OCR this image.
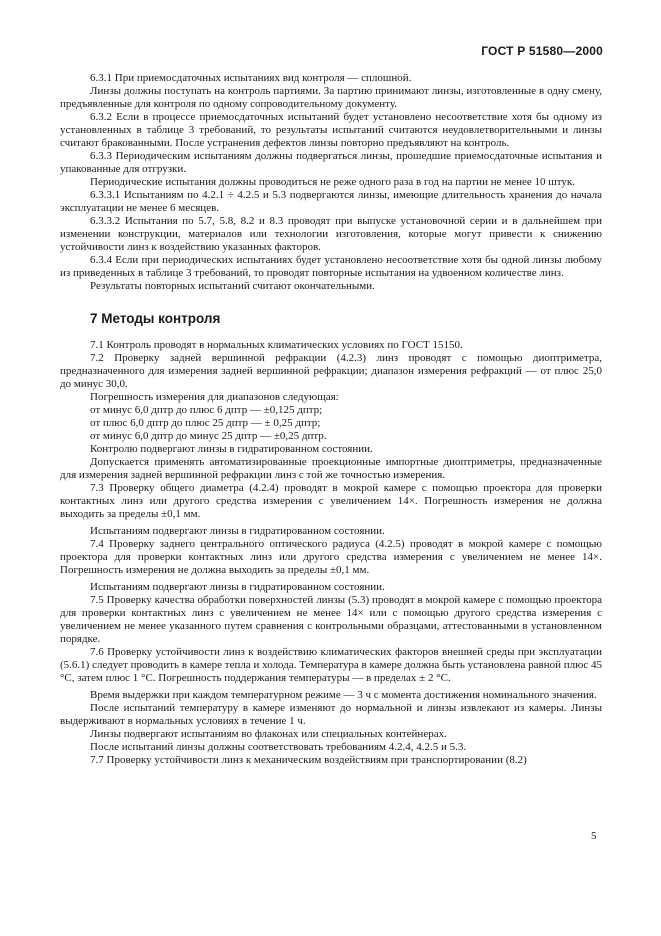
ГОСТ Р 51580—2000

6.3.1 При приемосдаточных испытаниях вид контроля — сплошной.

Линзы должны поступать на контроль партиями. За партию принимают линзы, изготовленные в одну смену, предъявленные для контроля по одному сопроводительному документу.

6.3.2 Если в процессе приемосдаточных испытаний будет установлено несоответствие хотя бы одному из установленных в таблице 3 требований, то результаты испытаний считаются неудовлетворительными и линзы считают бракованными. После устранения дефектов линзы повторно предъявляют на контроль.

6.3.3 Периодическим испытаниям должны подвергаться линзы, прошедшие приемосдаточные испытания и упакованные для отгрузки.

Периодические испытания должны проводиться не реже одного раза в год на партии не менее 10 штук.

6.3.3.1 Испытаниям по 4.2.1 ÷ 4.2.5 и 5.3 подвергаются линзы, имеющие длительность хранения до начала эксплуатации не менее 6 месяцев.

6.3.3.2 Испытания по 5.7, 5.8, 8.2 и 8.3 проводят при выпуске установочной серии и в дальнейшем при изменении конструкции, материалов или технологии изготовления, которые могут привести к снижению устойчивости линз к воздействию указанных факторов.

6.3.4 Если при периодических испытаниях будет установлено несоответствие хотя бы одной линзы любому из приведенных в таблице 3 требований, то проводят повторные испытания на удвоенном количестве линз.

Результаты повторных испытаний считают окончательными.

7 Методы контроля

7.1 Контроль проводят в нормальных климатических условиях по ГОСТ 15150.

7.2 Проверку задней вершинной рефракции (4.2.3) линз проводят с помощью диоптриметра, предназначенного для измерения задней вершинной рефракции; диапазон измерения рефракций — от плюс 25,0 до минус 30,0.

Погрешность измерения для диапазонов следующая:

от минус 6,0 дптр до плюс 6 дптр — ±0,125 дптр;

от плюс 6,0 дптр до плюс 25 дптр — ± 0,25 дптр;

от минус 6,0 дптр до минус 25 дптр — ±0,25 дптр.

Контролю подвергают линзы в гидратированном состоянии.

Допускается применять автоматизированные проекционные импортные диоптриметры, предназначенные для измерения задней вершинной рефракции линз с той же точностью измерения.

7.3 Проверку общего диаметра (4.2.4) проводят в мокрой камере с помощью проектора для проверки контактных линз или другого средства измерения с увеличением 14×. Погрешность измерения не должна выходить за пределы ±0,1 мм.

Испытаниям подвергают линзы в гидратированном состоянии.

7.4 Проверку заднего центрального оптического радиуса (4.2.5) проводят в мокрой камере с помощью проектора для проверки контактных линз или другого средства измерения с увеличением не менее 14×. Погрешность измерения не должна выходить за пределы ±0,1 мм.

Испытаниям подвергают линзы в гидратированном состоянии.

7.5 Проверку качества обработки поверхностей линзы (5.3) проводят в мокрой камере с помощью проектора для проверки контактных линз с увеличением не менее 14× или с помощью другого средства измерения с увеличением не менее указанного путем сравнения с контрольными образцами, аттестованными в установленном порядке.

7.6 Проверку устойчивости линз к воздействию климатических факторов внешней среды при эксплуатации (5.6.1) следует проводить в камере тепла и холода. Температура в камере должна быть установлена равной плюс 45 °С, затем плюс 1 °С. Погрешность поддержания температуры — в пределах ± 2 °С.

Время выдержки при каждом температурном режиме — 3 ч с момента достижения номинального значения.

После испытаний температуру в камере изменяют до нормальной и линзы извлекают из камеры. Линзы выдерживают в нормальных условиях в течение 1 ч.

Линзы подвергают испытаниям во флаконах или специальных контейнерах.

После испытаний линзы должны соответствовать требованиям 4.2.4, 4.2.5 и 5.3.

7.7 Проверку устойчивости линз к механическим воздействиям при транспортировании (8.2)

5
